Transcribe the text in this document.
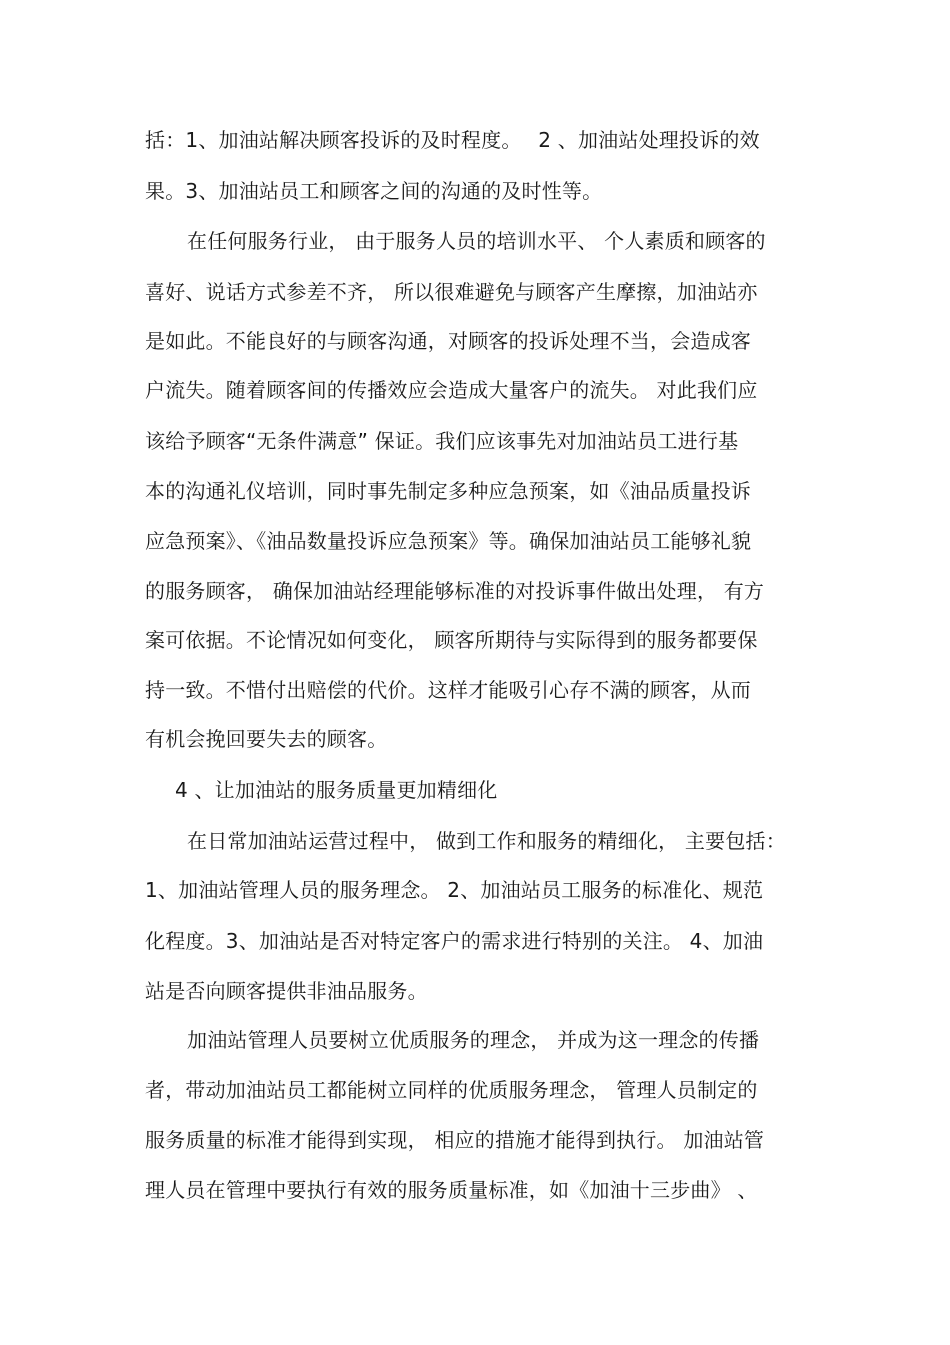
括：1、加油站解决顾客投诉的及时程度。　 2 、加油站处理投诉的效
果。3、加油站员工和顾客之间的沟通的及时性等。
在任何服务行业， 由于服务人员的培训水平、 个人素质和顾客的
喜好、说话方式参差不齐， 所以很难避免与顾客产生摩擦，加油站亦
是如此。不能良好的与顾客沟通，对顾客的投诉处理不当，会造成客
户流失。随着顾客间的传播效应会造成大量客户的流失。 对此我们应
该给予顾客“无条件满意” 保证。我们应该事先对加油站员工进行基
本的沟通礼仪培训，同时事先制定多种应急预案，如《油品质量投诉
应急预案》、《油品数量投诉应急预案》等。确保加油站员工能够礼貌
的服务顾客， 确保加油站经理能够标准的对投诉事件做出处理， 有方
案可依据。不论情况如何变化， 顾客所期待与实际得到的服务都要保
持一致。不惜付出赔偿的代价。这样才能吸引心存不满的顾客，从而
有机会挽回要失去的顾客。
4 、让加油站的服务质量更加精细化
在日常加油站运营过程中， 做到工作和服务的精细化， 主要包括：
1、加油站管理人员的服务理念。 2、加油站员工服务的标准化、规范
化程度。3、加油站是否对特定客户的需求进行特别的关注。 4、加油
站是否向顾客提供非油品服务。
加油站管理人员要树立优质服务的理念， 并成为这一理念的传播
者，带动加油站员工都能树立同样的优质服务理念， 管理人员制定的
服务质量的标准才能得到实现， 相应的措施才能得到执行。 加油站管
理人员在管理中要执行有效的服务质量标准，如《加油十三步曲》 、
